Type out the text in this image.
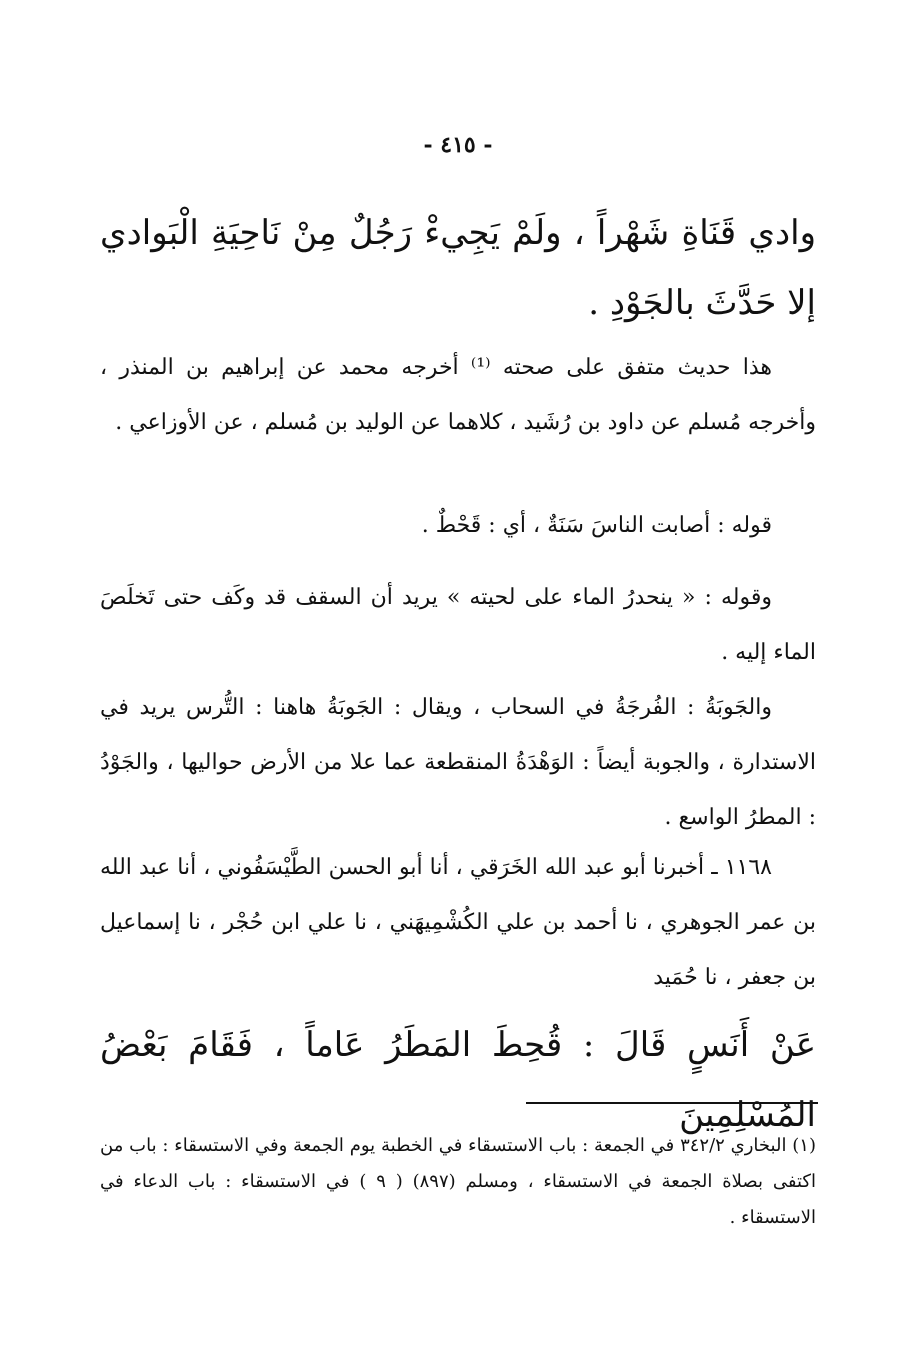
- ٤١٥ -

وادي قَنَاةِ شَهْراً ، ولَمْ يَجِيءْ رَجُلٌ مِنْ نَاحِيَةِ الْبَوادي إلا حَدَّثَ بالجَوْدِ .

هذا حديث متفق على صحته ⁽¹⁾ أخرجه محمد عن إبراهيم بن المنذر ، وأخرجه مُسلم عن داود بن رُشَيد ، كلاهما عن الوليد بن مُسلم ، عن الأوزاعي .

قوله : أصابت الناسَ سَنَةٌ ، أي : قَحْطٌ .

وقوله : « ينحدرُ الماء على لحيته » يريد أن السقف قد وكَف حتى تَخلَصَ الماء إليه .

والجَوبَةُ : الفُرجَةُ في السحاب ، ويقال : الجَوبَةُ هاهنا : التُّرس يريد في الاستدارة ، والجوبة أيضاً : الوَهْدَةُ المنقطعة عما علا من الأرض حواليها ، والجَوْدُ : المطرُ الواسع .

١١٦٨ ـ أخبرنا أبو عبد الله الخَرَقي ، أنا أبو الحسن الطَّيْسَفُوني ، أنا عبد الله بن عمر الجوهري ، نا أحمد بن علي الكُشْمِيهَني ، نا علي ابن حُجْر ، نا إسماعيل بن جعفر ، نا حُمَيد

عَنْ أَنَسٍ قَالَ : قُحِطَ المَطَرُ عَاماً ، فَقَامَ بَعْضُ المُسْلِمِينَ

(١) البخاري ٣٤٢/٢ في الجمعة : باب الاستسقاء في الخطبة يوم الجمعة وفي الاستسقاء : باب من اكتفى بصلاة الجمعة في الاستسقاء ، ومسلم (٨٩٧) ( ٩ ) في الاستسقاء : باب الدعاء في الاستسقاء .
